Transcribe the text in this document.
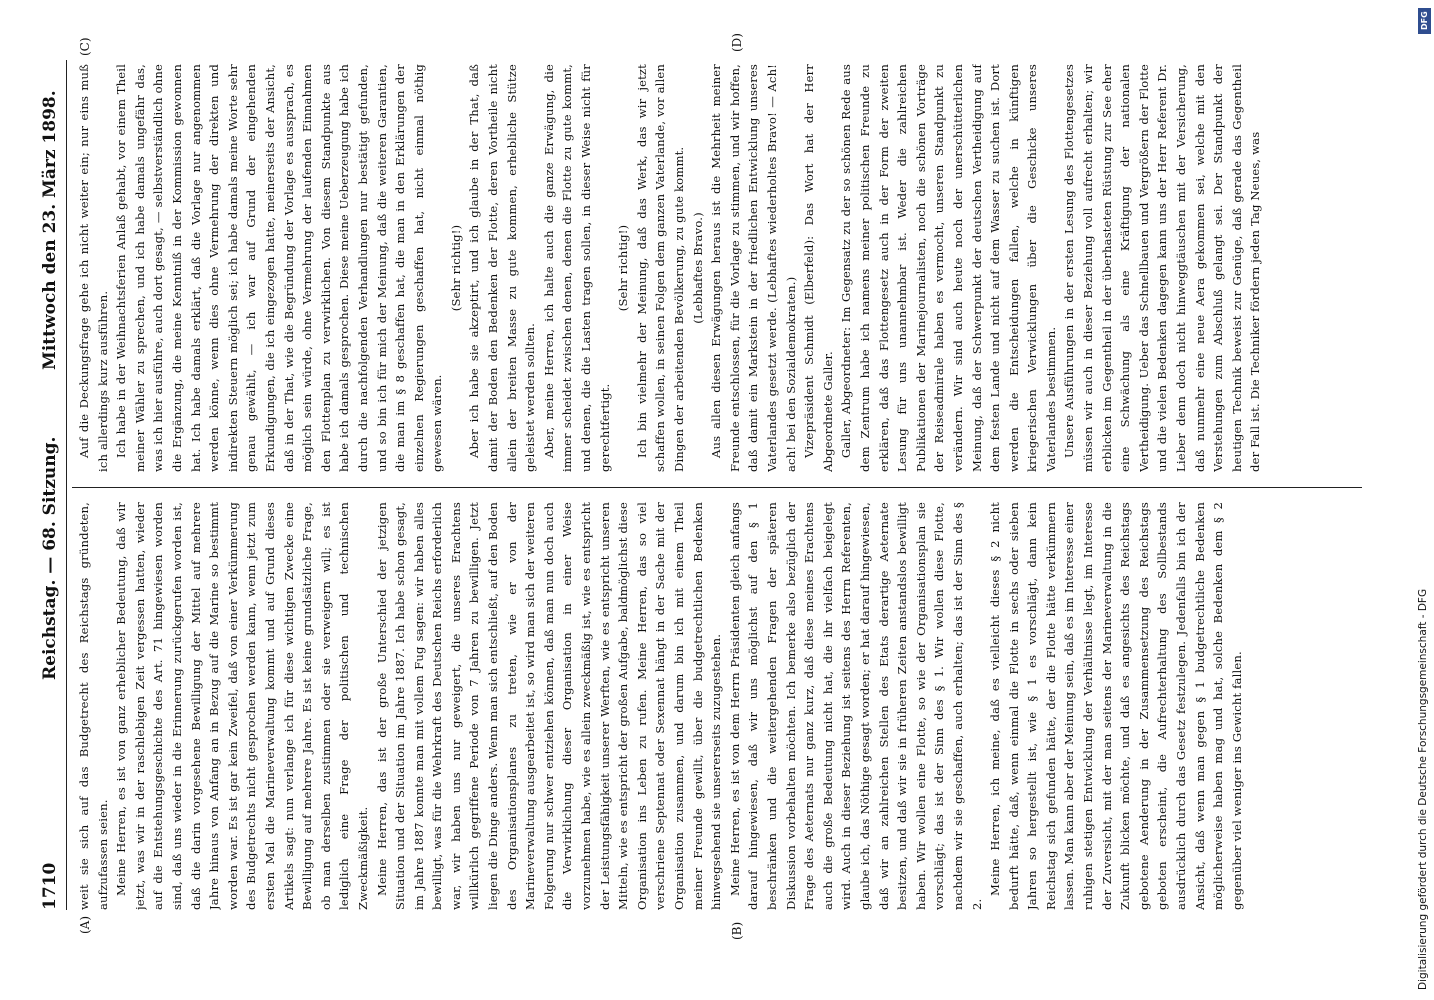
1710
Reichstag. — 68. Sitzung.
Mittwoch den 23. März 1898.
(A)	(B)
(C)	(D)

weit sie sich auf das Budgetrecht des Reichstags gründeten, aufzufassen seien. Meine Herren, es ist von ganz erheblicher Bedeutung, daß wir jetzt, was wir in der raschlebigen Zeit vergessen hatten, wieder auf die Entstehungsgeschichte des Art. 71 hingewiesen worden sind, daß uns wieder in die Erinnerung zurückgerufen worden ist, daß die darin vorgesehene Bewilligung der Mittel auf mehrere Jahre hinaus von Anfang an in Bezug auf die Marine so bestimmt worden war. Es ist gar kein Zweifel, daß von einer Verkümmerung des Budgetrechts nicht gesprochen werden kann, wenn jetzt zum ersten Mal die Marineverwaltung kommt und auf Grund dieses Artikels sagt: nun verlange ich für diese wichtigen Zwecke eine Bewilligung auf mehrere Jahre. Es ist keine grundsätzliche Frage, ob man derselben zustimmen oder sie verweigern will; es ist lediglich eine Frage der politischen und technischen Zweckmäßigkeit. Meine Herren, das ist der große Unterschied der jetzigen Situation und der Situation im Jahre 1887. Ich habe schon gesagt, im Jahre 1887 konnte man mit vollem Fug sagen: wir haben alles bewilligt, was für die Wehrkraft des Deutschen Reichs erforderlich war, wir haben uns nur geweigert, die unseres Erachtens willkürlich gegriffene Periode von 7 Jahren zu bewilligen. Jetzt liegen die Dinge anders. Wenn man sich entschließt, auf den Boden des Organisationsplanes zu treten, wie er von der Marineverwaltung ausgearbeitet ist, so wird man sich der weiteren Folgerung nur schwer entziehen können, daß man nun doch auch die Verwirklichung dieser Organisation in einer Weise vorzunehmen habe, wie es allein zweckmäßig ist, wie es entspricht der Leistungsfähigkeit unserer Werften, wie es entspricht unseren Mitteln, wie es entspricht der großen Aufgabe, baldmöglichst diese Organisation ins Leben zu rufen. Meine Herren, das so viel verschriene Septennat oder Sexennat hängt in der Sache mit der Organisation zusammen, und darum bin ich mit einem Theil meiner Freunde gewillt, über die budgetrechtlichen Bedenken hinwegsehend sie unsererseits zuzugestehen. Meine Herren, es ist von dem Herrn Präsidenten gleich anfangs darauf hingewiesen, daß wir uns möglichst auf den § 1 beschränken und die weitergehenden Fragen der späteren Diskussion vorbehalten möchten. Ich bemerke also bezüglich der Frage des Aeternats nur ganz kurz, daß diese meines Erachtens auch die große Bedeutung nicht hat, die ihr vielfach beigelegt wird. Auch in dieser Beziehung ist seitens des Herrn Referenten, glaube ich, das Nöthige gesagt worden; er hat darauf hingewiesen, daß wir an zahlreichen Stellen des Etats derartige Aeternate besitzen, und daß wir sie in früheren Zeiten anstandslos bewilligt haben. Wir wollen eine Flotte, so wie der Organisationsplan sie vorschlägt; das ist der Sinn des § 1. Wir wollen diese Flotte, nachdem wir sie geschaffen, auch erhalten; das ist der Sinn des § 2.

Meine Herren, ich meine, daß es vielleicht dieses § 2 nicht bedurft hätte, daß, wenn einmal die Flotte in sechs oder sieben Jahren so hergestellt ist, wie § 1 es vorschlägt, dann kein Reichstag sich gefunden hätte, der die Flotte hätte verkümmern lassen. Man kann aber der Meinung sein, daß es im Interesse einer ruhigen stetigen Entwicklung der Verhältnisse liegt, im Interesse der Zuversicht, mit der man seitens der Marineverwaltung in die Zukunft blicken möchte, und daß es angesichts des Reichstags gebotene Aenderung in der Zusammensetzung des Reichstags geboten erscheint, die Aufrechterhaltung des Sollbestands ausdrücklich durch das Gesetz festzulegen. Jedenfalls bin ich der Ansicht, daß wenn man gegen § 1 budgetrechtliche Bedenken möglicherweise haben mag und hat, solche Bedenken dem § 2 gegenüber viel weniger ins Gewicht fallen.

Auf die Deckungsfrage gehe ich nicht weiter ein; nur eins muß ich allerdings kurz ausführen. Ich habe in der Weihnachtsferien Anlaß gehabt, vor einem Theil meiner Wähler zu sprechen, und ich habe damals ungefähr das, was ich hier ausführe, auch dort gesagt, — selbstverständlich ohne die Ergänzung, die meine Kenntniß in der Kommission gewonnen hat. Ich habe damals erklärt, daß die Vorlage nur angenommen werden könne, wenn dies ohne Vermehrung der direkten und indirekten Steuern möglich sei; ich habe damals meine Worte sehr genau gewählt, — ich war auf Grund der eingehenden Erkundigungen, die ich eingezogen hatte, meinerseits der Ansicht, daß in der That, wie die Begründung der Vorlage es aussprach, es möglich sein würde, ohne Vermehrung der laufenden Einnahmen den Flottenplan zu verwirklichen. Von diesem Standpunkte aus habe ich damals gesprochen. Diese meine Ueberzeugung habe ich durch die nachfolgenden Verhandlungen nur bestätigt gefunden, und so bin ich für mich der Meinung, daß die weiteren Garantien, die man im § 8 geschaffen hat, die man in den Erklärungen der einzelnen Regierungen geschaffen hat, nicht einmal nöthig gewesen wären.

(Sehr richtig!) Aber ich habe sie akzeptirt, und ich glaube in der That, daß damit der Boden den Bedenken der Flotte, deren Vortheile nicht allein der breiten Masse zu gute kommen, erhebliche Stütze geleistet werden sollten. Aber, meine Herren, ich halte auch die ganze Erwägung, die immer scheidet zwischen denen, denen die Flotte zu gute kommt, und denen, die die Lasten tragen sollen, in dieser Weise nicht für gerechtfertigt.

(Sehr richtig!) Ich bin vielmehr der Meinung, daß das Werk, das wir jetzt schaffen wollen, in seinen Folgen dem ganzen Vaterlande, vor allen Dingen der arbeitenden Bevölkerung, zu gute kommt. (Lebhaftes Bravo.) Aus allen diesen Erwägungen heraus ist die Mehrheit meiner Freunde entschlossen, für die Vorlage zu stimmen, und wir hoffen, daß damit ein Markstein in der friedlichen Entwicklung unseres Vaterlandes gesetzt werde. (Lebhaftes wiederholtes Bravo! — Ach! ach! bei den Sozialdemokraten.) Vizepräsident Schmidt (Elberfeld): Das Wort hat der Herr Abgeordnete Galler. Galler, Abgeordneter: Im Gegensatz zu der so schönen Rede aus dem Zentrum habe ich namens meiner politischen Freunde zu erklären, daß das Flottengesetz auch in der Form der zweiten Lesung für uns unannehmbar ist. Weder die zahlreichen Publikationen der Marinejournalisten, noch die schönen Vorträge der Reiseadmirale haben es vermocht, unseren Standpunkt zu verändern. Wir sind auch heute noch der unerschütterlichen Meinung, daß der Schwerpunkt der deutschen Vertheidigung auf dem festen Lande und nicht auf dem Wasser zu suchen ist. Dort werden die Entscheidungen fallen, welche in künftigen kriegerischen Verwicklungen über die Geschicke unseres Vaterlandes bestimmen. Unsere Ausführungen in der ersten Lesung des Flottengesetzes müssen wir auch in dieser Beziehung voll aufrecht erhalten; wir erblicken im Gegentheil in der überhasteten Rüstung zur See eher eine Schwächung als eine Kräftigung der nationalen Vertheidigung. Ueber das Schnellbauen und Vergrößern der Flotte und die vielen Bedenken dagegen kann uns der Herr Referent Dr. Lieber denn doch nicht hinweggtäuschen mit der Versicherung, daß nunmehr eine neue Aera gekommen sei, welche mit den Verstehungen zum Abschluß gelangt sei. Der Standpunkt der heutigen Technik beweist zur Genüge, daß gerade das Gegentheil der Fall ist. Die Techniker fördern jeden Tag Neues, was

Digitalisierung gefördert durch die Deutsche Forschungsgemeinschaft - DFG
DFG
